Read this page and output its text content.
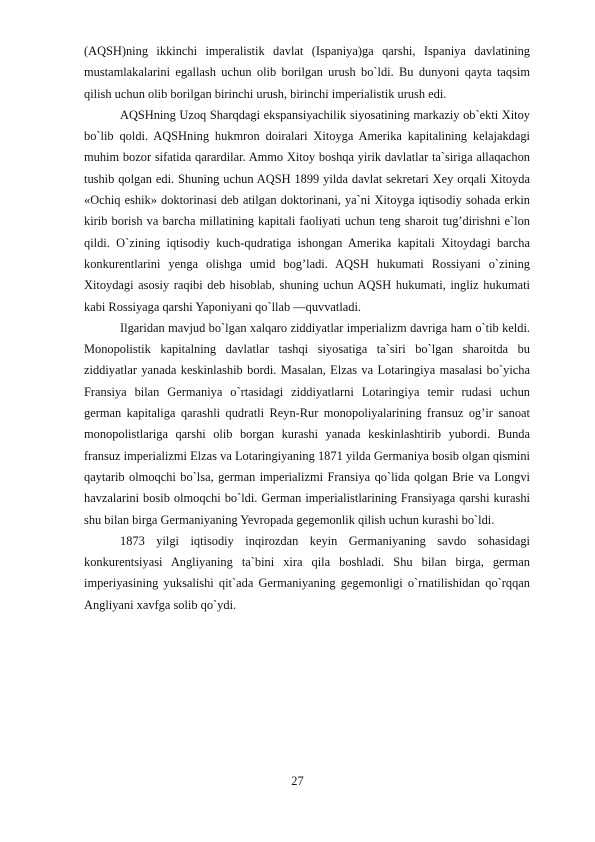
(AQSH)ning ikkinchi imperalistik davlat (Ispaniya)ga qarshi, Ispaniya davlatining mustamlakalarini egallash uchun olib borilgan urush bo`ldi. Bu dunyoni qayta taqsim qilish uchun olib borilgan birinchi urush, birinchi imperialistik urush edi.

AQSHning Uzoq Sharqdagi ekspansiyachilik siyosatining markaziy ob`ekti Xitoy bo`lib qoldi. AQSHning hukmron doiralari Xitoyga Amerika kapitalining kelajakdagi muhim bozor sifatida qarardilar. Ammo Xitoy boshqa yirik davlatlar ta`siriga allaqachon tushib qolgan edi. Shuning uchun AQSH 1899 yilda davlat sekretari Xey orqali Xitoyda «Ochiq eshik» doktorinasi deb atilgan doktorinani, ya`ni Xitoyga iqtisodiy sohada erkin kirib borish va barcha millatining kapitali faoliyati uchun teng sharoit tug’dirishni e`lon qildi. O`zining iqtisodiy kuch-qudratiga ishongan Amerika kapitali Xitoydagi barcha konkurentlarini yenga olishga umid bog’ladi. AQSH hukumati Rossiyani o`zining Xitoydagi asosiy raqibi deb hisoblab, shuning uchun AQSH hukumati, ingliz hukumati kabi Rossiyaga qarshi Yaponiyani qo`llab —quvvatladi.

Ilgaridan mavjud bo`lgan xalqaro ziddiyatlar imperializm davriga ham o`tib keldi. Monopolistik kapitalning davlatlar tashqi siyosatiga ta`siri bo`lgan sharoitda bu ziddiyatlar yanada keskinlashib bordi. Masalan, Elzas va Lotaringiya masalasi bo`yicha Fransiya bilan Germaniya o`rtasidagi ziddiyatlarni Lotaringiya temir rudasi uchun german kapitaliga qarashli qudratli Reyn-Rur monopoliyalarining fransuz og’ir sanoat monopolistlariga qarshi olib borgan kurashi yanada keskinlashtirib yubordi. Bunda fransuz imperializmi Elzas va Lotaringiyaning 1871 yilda Germaniya bosib olgan qismini qaytarib olmoqchi bo`lsa, german imperializmi Fransiya qo`lida qolgan Brie va Longvi havzalarini bosib olmoqchi bo`ldi. German imperialistlarining Fransiyaga qarshi kurashi shu bilan birga Germaniyaning Yevropada gegemonlik qilish uchun kurashi bo`ldi.

1873 yilgi iqtisodiy inqirozdan keyin Germaniyaning savdo sohasidagi konkurentsiyasi Angliyaning ta`bini xira qila boshladi. Shu bilan birga, german imperiyasining yuksalishi qit`ada Germaniyaning gegemonligi o`rnatilishidan qo`rqqan Angliyani xavfga solib qo`ydi.

27
